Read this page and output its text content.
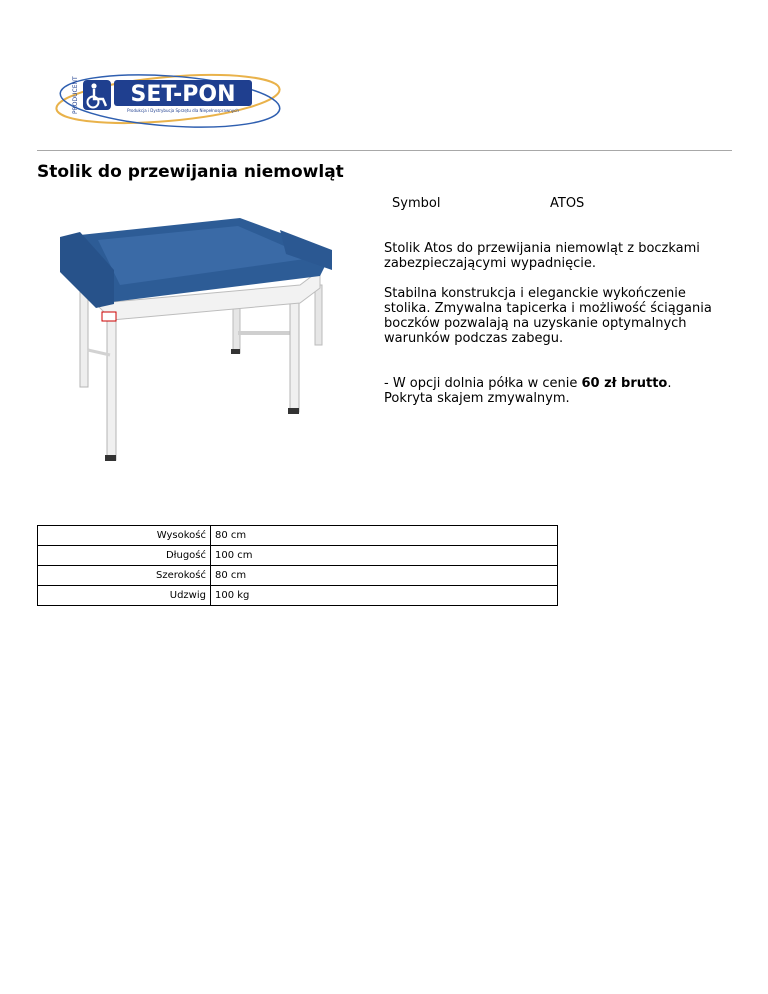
PRODUCENT SET-PON
Produkcja i Dystrybucja Sprzętu dla Niepełnosprawnych
Stolik do przewijania niemowląt
Symbol	ATOS

Stolik Atos do przewijania niemowląt z boczkami zabezpieczającymi wypadnięcie.

Stabilna konstrukcja i eleganckie wykończenie stolika. Zmywalna tapicerka i możliwość ściągania boczków pozwalają na uzyskanie optymalnych warunków podczas zabegu.

- W opcji dolnia półka w cenie 60 zł brutto. Pokryta skajem zmywalnym.

Wysokość	80 cm
Długość	100 cm
Szerokość	80 cm
Udzwig	100 kg
